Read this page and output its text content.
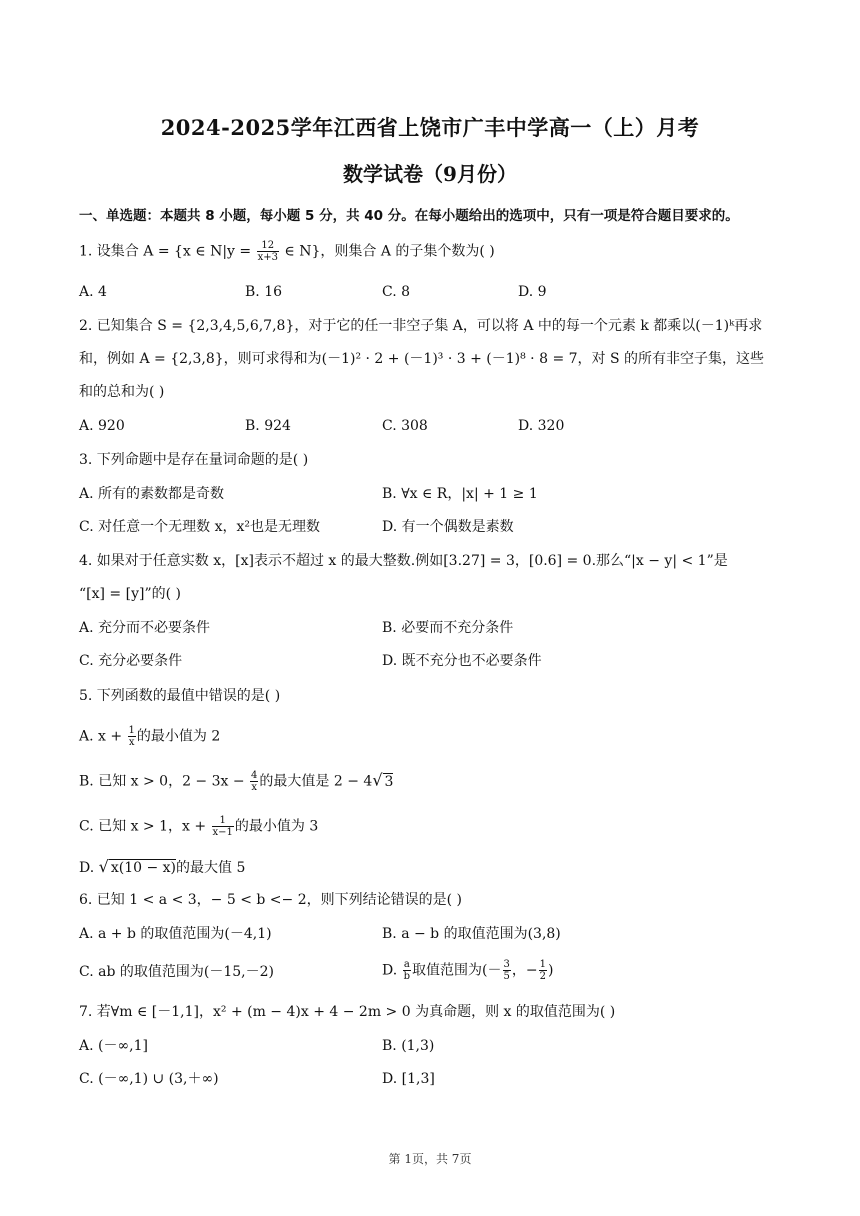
2024-2025学年江西省上饶市广丰中学高一（上）月考
数学试卷（9月份）
一、单选题：本题共 8 小题，每小题 5 分，共 40 分。在每小题给出的选项中，只有一项是符合题目要求的。
1. 设集合 A = {x ∈ $N|y = \frac{12}{x+3}$ ∈ N}，则集合 A 的子集个数为( )
A. 4	B. 16	C. 8	D. 9
2. 已知集合 S = {2,3,4,5,6,7,8}，对于它的任一非空子集 A，可以将 A 中的每一个元素 k 都乘以(－1)ᵏ再求
和，例如 A = {2,3,8}，则可求得和为(－1)² · 2 + (－1)³ · 3 + (－1)⁸ · 8 = 7，对 S 的所有非空子集，这些
和的总和为( )
A. 920	B. 924	C. 308	D. 320
3. 下列命题中是存在量词命题的是( )
A. 所有的素数都是奇数	B. ∀x ∈ R，|x| + 1 ≥ 1
C. 对任意一个无理数 x，x²也是无理数	D. 有一个偶数是素数
4. 如果对于任意实数 x，[x]表示不超过 x 的最大整数.例如[3.27] = 3，[0.6] = 0.那么“|x − y| < 1”是
“[x] = [y]”的( )
A. 充分而不必要条件	B. 必要而不充分条件
C. 充分必要条件	D. 既不充分也不必要条件
5. 下列函数的最值中错误的是( )
A. $x + \frac{1}{x}$ 的最小值为 2
B. 已知 x > 0，$2 - 3x - \frac{4}{x}$ 的最大值是 2 − 4√ 3
C. 已知 x > 1，$x + \frac{1}{x-1}$ 的最小值为 3
D. √ x(10 − x)的最大值 5
6. 已知 1 < a < 3，− 5 < b <− 2，则下列结论错误的是( )
A. a + b 的取值范围为(－4,1)	B. a − b 的取值范围为(3,8)
C. ab 的取值范围为(－15,－2)	D. $\frac{a}{b}$ 取值范围为(－ $\frac{3}{5}$ ，− $\frac{1}{2}$ )
7. 若∀m ∈ [－1,1]，x² + (m − 4)x + 4 − 2m > 0 为真命题，则 x 的取值范围为( )
A. (－∞,1]	B. (1,3)
C. (－∞,1) ∪ (3,＋∞)	D. [1,3]
第 1页，共 7页
